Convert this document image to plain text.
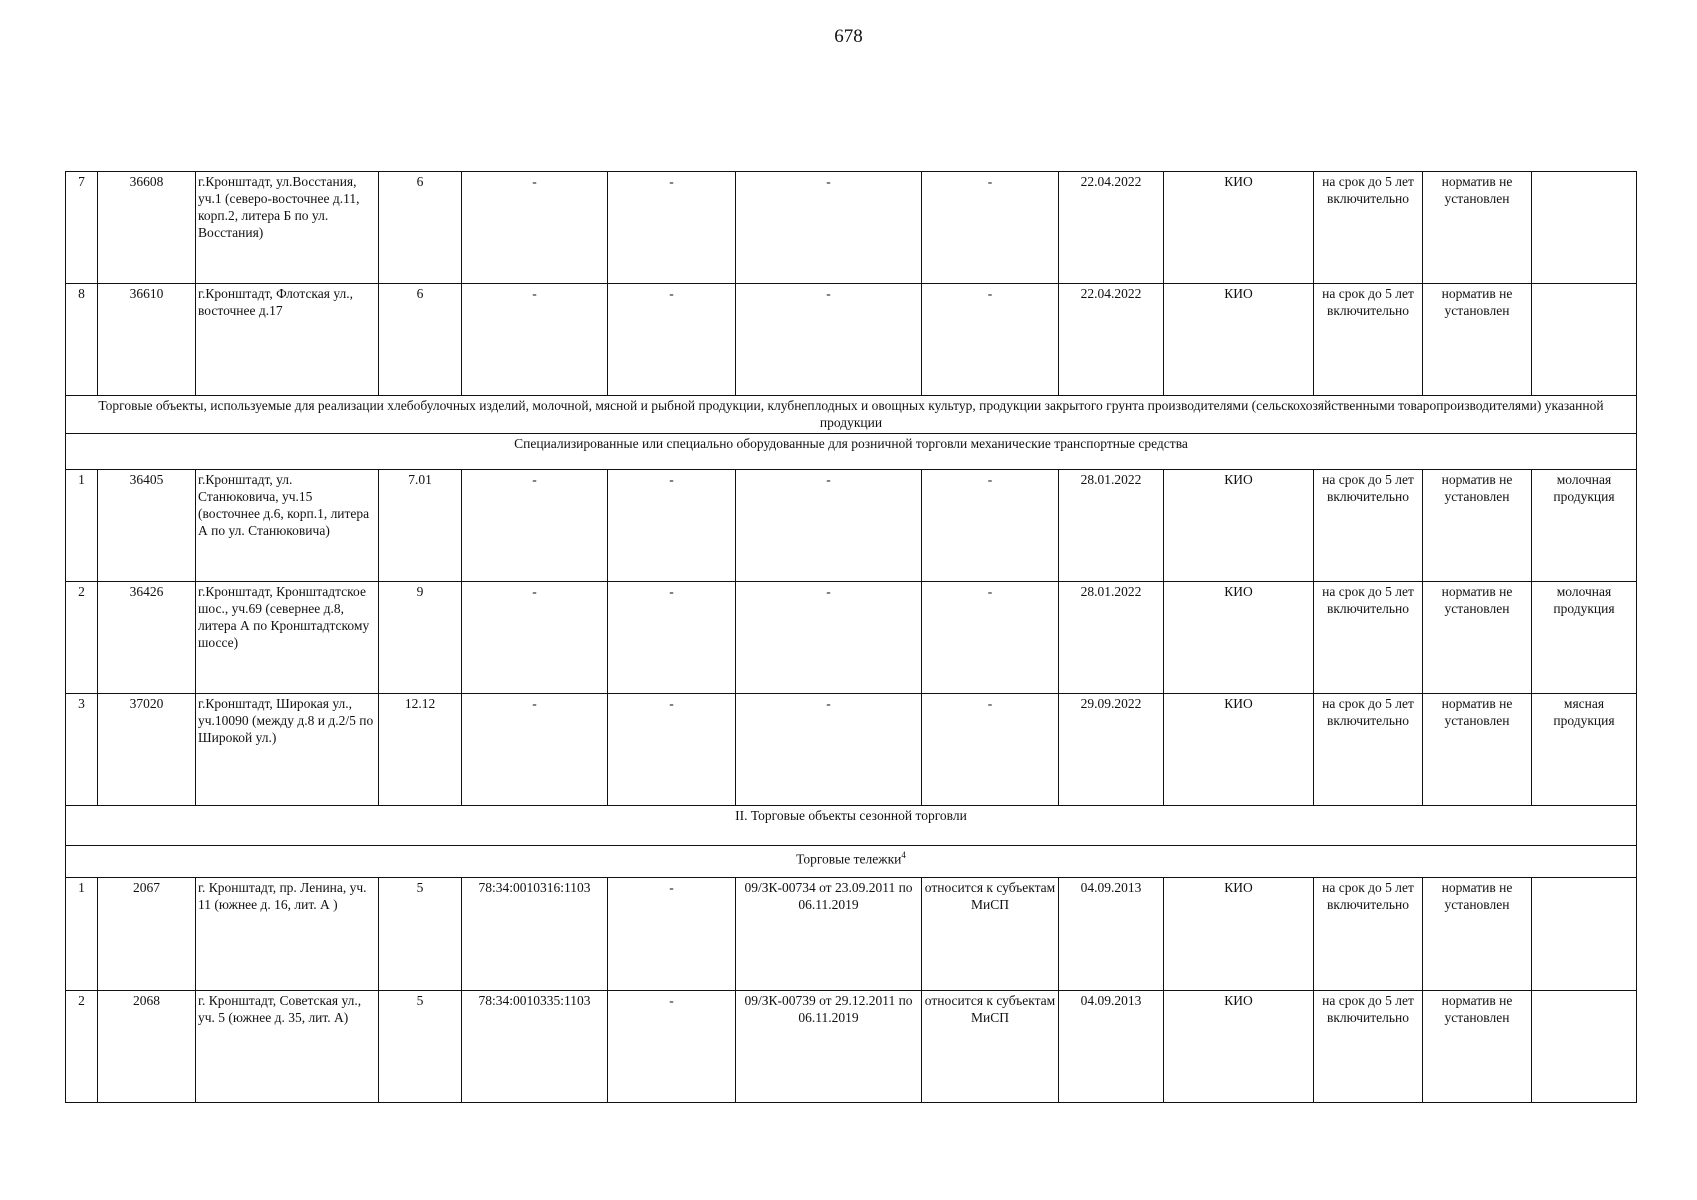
678
7	36608	г.Кронштадт, ул.Восстания, уч.1 (северо-восточнее д.11, корп.2, литера Б по ул. Восстания)	6	-	-	-	-	22.04.2022	КИО	на срок до 5 лет включительно	норматив не установлен	
8	36610	г.Кронштадт, Флотская ул., восточнее д.17	6	-	-	-	-	22.04.2022	КИО	на срок до 5 лет включительно	норматив не установлен	
Торговые объекты, используемые для реализации хлебобулочных изделий, молочной, мясной и рыбной продукции, клубнеплодных и овощных культур, продукции закрытого грунта производителями (сельскохозяйственными товаропроизводителями) указанной продукции												
Специализированные или специально оборудованные для розничной торговли механические транспортные средства												
1	36405	г.Кронштадт, ул. Станюковича, уч.15 (восточнее д.6, корп.1, литера А по ул. Станюковича)	7.01	-	-	-	-	28.01.2022	КИО	на срок до 5 лет включительно	норматив не установлен	молочная продукция
2	36426	г.Кронштадт, Кронштадтское шос., уч.69 (севернее д.8, литера А по Кронштадтскому шоссе)	9	-	-	-	-	28.01.2022	КИО	на срок до 5 лет включительно	норматив не установлен	молочная продукция
3	37020	г.Кронштадт, Широкая ул., уч.10090 (между д.8 и д.2/5 по Широкой ул.)	12.12	-	-	-	-	29.09.2022	КИО	на срок до 5 лет включительно	норматив не установлен	мясная продукция
II. Торговые объекты сезонной торговли												
Торговые тележки$^4$
1	2067	г. Кронштадт, пр. Ленина, уч. 11 (южнее д. 16, лит. А )	5	78:34:0010316:1103	-	09/ЗК-00734 от 23.09.2011 по 06.11.2019	относится к субъектам МиСП	04.09.2013	КИО	на срок до 5 лет включительно	норматив не установлен	
2	2068	г. Кронштадт, Советская ул., уч. 5 (южнее д. 35, лит. А)	5	78:34:0010335:1103	-	09/ЗК-00739 от 29.12.2011 по 06.11.2019	относится к субъектам МиСП	04.09.2013	КИО	на срок до 5 лет включительно	норматив не установлен	
